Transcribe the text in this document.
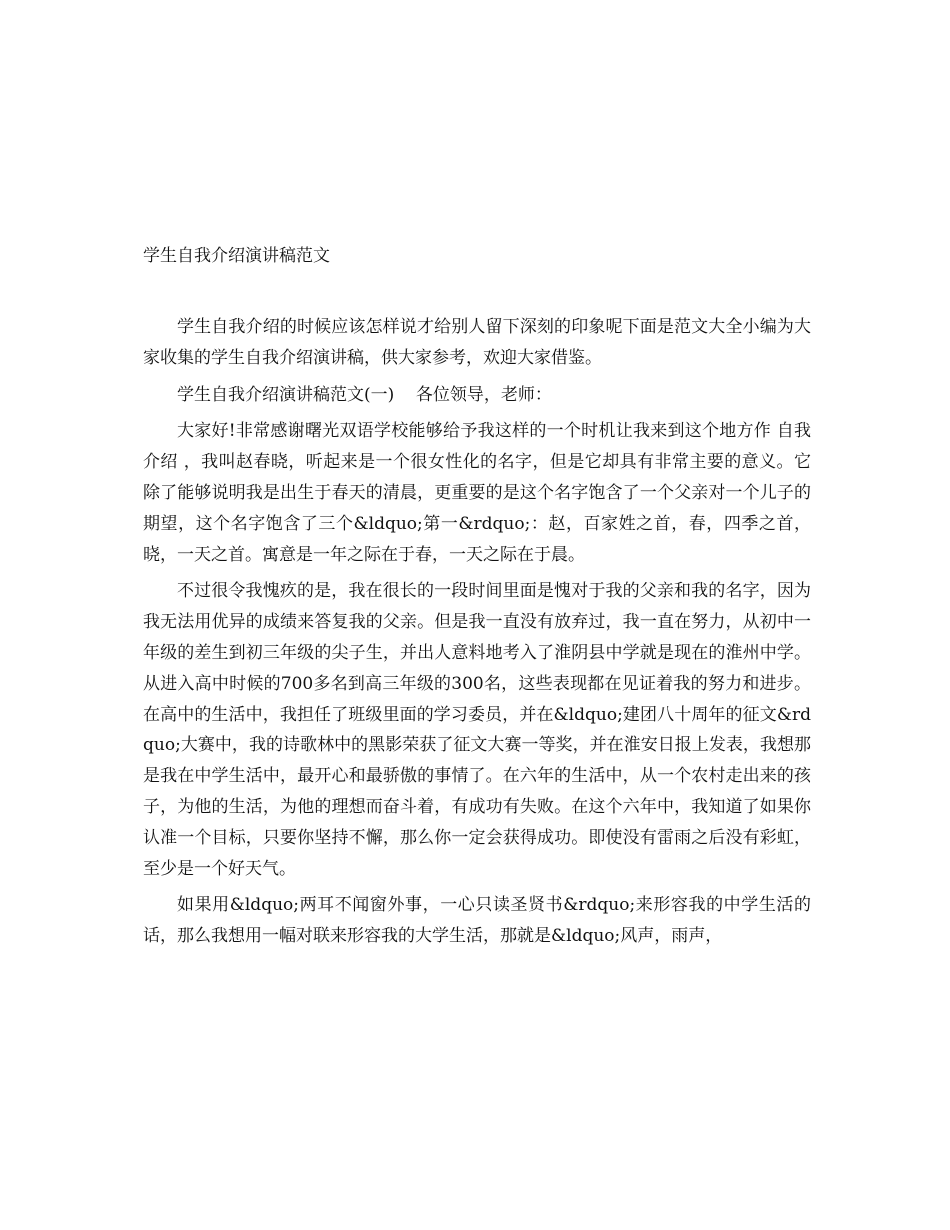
学生自我介绍演讲稿范文

学生自我介绍的时候应该怎样说才给别人留下深刻的印象呢下面是范文大全小编为大家收集的学生自我介绍演讲稿，供大家参考，欢迎大家借鉴。

学生自我介绍演讲稿范文(一)    各位领导，老师：

大家好!非常感谢曙光双语学校能够给予我这样的一个时机让我来到这个地方作 自我介绍 ，我叫赵春晓，听起来是一个很女性化的名字，但是它却具有非常主要的意义。它除了能够说明我是出生于春天的清晨，更重要的是这个名字饱含了一个父亲对一个儿子的期望，这个名字饱含了三个&ldquo;第一&rdquo;：赵，百家姓之首，春，四季之首，晓，一天之首。寓意是一年之际在于春，一天之际在于晨。

不过很令我愧疚的是，我在很长的一段时间里面是愧对于我的父亲和我的名字，因为我无法用优异的成绩来答复我的父亲。但是我一直没有放弃过，我一直在努力，从初中一年级的差生到初三年级的尖子生，并出人意料地考入了淮阴县中学就是现在的淮州中学。从进入高中时候的700多名到高三年级的300名，这些表现都在见证着我的努力和进步。在高中的生活中，我担任了班级里面的学习委员，并在&ldquo;建团八十周年的征文&rdquo;大赛中，我的诗歌林中的黑影荣获了征文大赛一等奖，并在淮安日报上发表，我想那是我在中学生活中，最开心和最骄傲的事情了。在六年的生活中，从一个农村走出来的孩子，为他的生活，为他的理想而奋斗着，有成功有失败。在这个六年中，我知道了如果你认准一个目标，只要你坚持不懈，那么你一定会获得成功。即使没有雷雨之后没有彩虹，至少是一个好天气。

如果用&ldquo;两耳不闻窗外事，一心只读圣贤书&rdquo;来形容我的中学生活的话，那么我想用一幅对联来形容我的大学生活，那就是&ldquo;风声，雨声，
